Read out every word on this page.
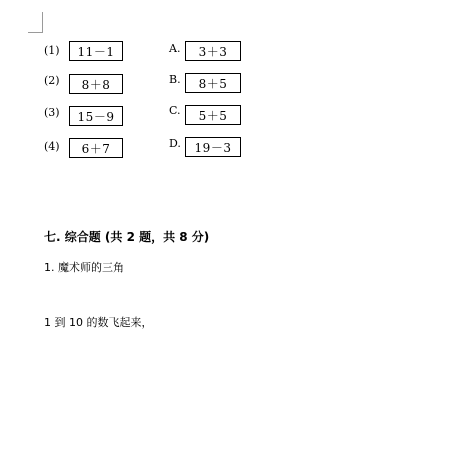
(1)	11－1	A.	3＋3
(2)	8＋8	B.	8＋5
(3)	15－9	C.	5＋5
(4)	6＋7	D.	19－3
七. 综合题 (共 2 题，共 8 分)
1. 魔术师的三角
1 到 10 的数飞起来，
